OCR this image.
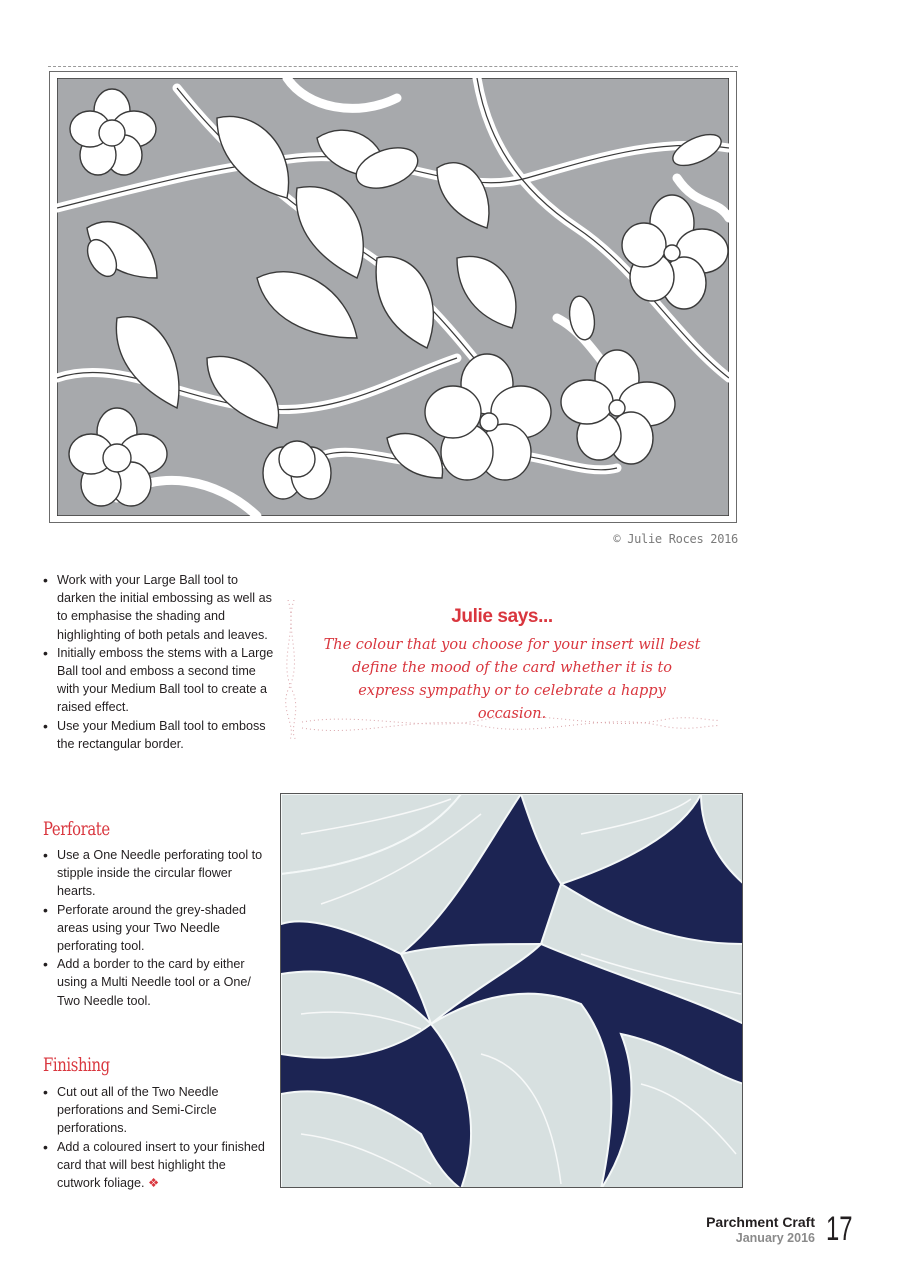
© Julie Roces 2016
• Work with your Large Ball tool to darken the initial embossing as well as to emphasise the shading and highlighting of both petals and leaves.
• Initially emboss the stems with a Large Ball tool and emboss a second time with your Medium Ball tool to create a raised effect.
• Use your Medium Ball tool to emboss the rectangular border.
Julie says...
The colour that you choose for your insert will best define the mood of the card whether it is to express sympathy or to celebrate a happy occasion.
Perforate
• Use a One Needle perforating tool to stipple inside the circular flower hearts.
• Perforate around the grey-shaded areas using your Two Needle perforating tool.
• Add a border to the card by either using a Multi Needle tool or a One/ Two Needle tool.
Finishing
• Cut out all of the Two Needle perforations and Semi-Circle perforations.
• Add a coloured insert to your finished card that will best highlight the cutwork foliage. ❖
Parchment Craft
January 2016 17
